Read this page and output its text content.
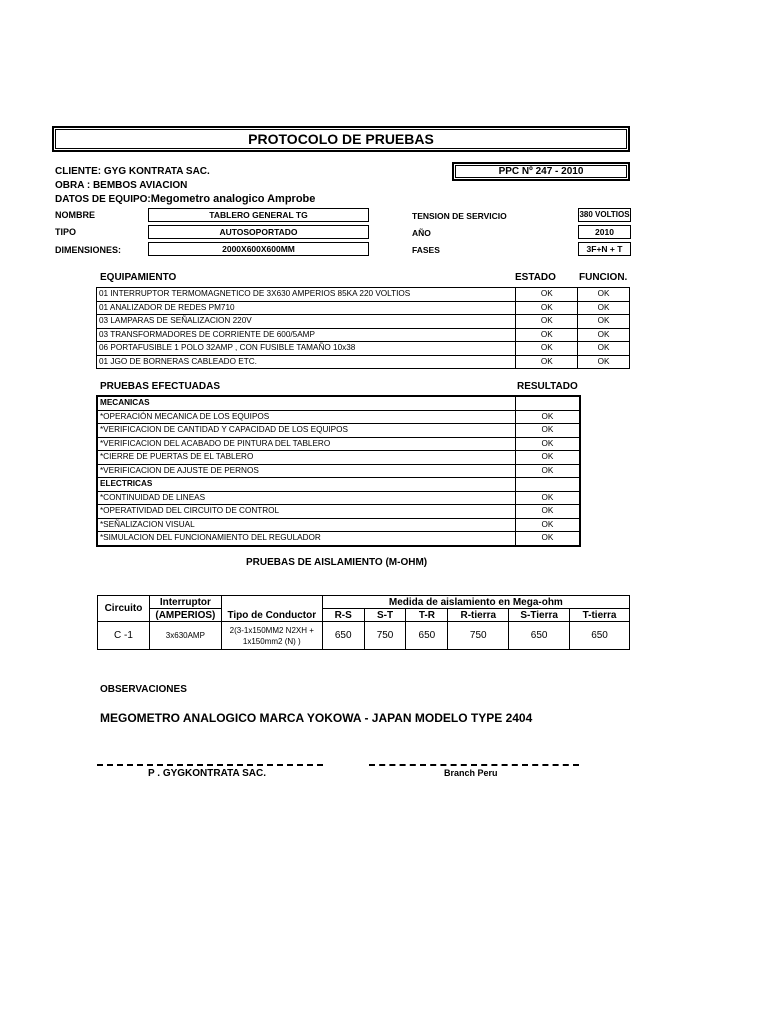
PROTOCOLO DE PRUEBAS
CLIENTE: GYG KONTRATA SAC.	PPC Nº 247 - 2010
OBRA : BEMBOS AVIACION
DATOS DE EQUIPO:Megometro analogico Amprobe
NOMBRE	TABLERO GENERAL TG
TIPO	AUTOSOPORTADO
DIMENSIONES:	2000X600X600MM
TENSION DE SERVICIO	380 VOLTIOS
AÑO	2010
FASES	3F+N + T
EQUIPAMIENTO	ESTADO FUNCION.
01 INTERRUPTOR TERMOMAGNETICO DE 3X630 AMPERIOS 85KA 220 VOLTIOS	OK	OK
01 ANALIZADOR DE REDES PM710	OK	OK
03 LAMPARAS DE SEÑALIZACION 220V	OK	OK
03 TRANSFORMADORES DE CORRIENTE DE 600/5AMP	OK	OK
06 PORTAFUSIBLE 1 POLO 32AMP , CON FUSIBLE TAMAÑO 10x38	OK	OK
01 JGO DE BORNERAS CABLEADO ETC.	OK	OK
PRUEBAS EFECTUADAS	RESULTADO
MECANICAS	
*OPERACIÓN MECANICA DE LOS EQUIPOS	OK
*VERIFICACION DE CANTIDAD Y CAPACIDAD DE LOS EQUIPOS	OK
*VERIFICACION DEL ACABADO DE PINTURA DEL TABLERO	OK
*CIERRE DE PUERTAS DE EL TABLERO	OK
*VERIFICACION DE AJUSTE DE PERNOS	OK
ELECTRICAS	
*CONTINUIDAD DE LINEAS	OK
*OPERATIVIDAD DEL CIRCUITO DE CONTROL	OK
*SEÑALIZACION VISUAL	OK
*SIMULACION DEL FUNCIONAMIENTO DEL REGULADOR	OK
PRUEBAS DE AISLAMIENTO (M-OHM)
Circuito	Interruptor	Tipo de Conductor	Medida de aislamiento en Mega-ohm					
	(AMPERIOS)		R-S	S-T	T-R	R-tierra	S-Tierra	T-tierra
C -1	3x630AMP	2(3-1x150MM2 N2XH +
1x150mm2 (N) )	650	750	650	750	650	650
OBSERVACIONES
MEGOMETRO ANALOGICO MARCA YOKOWA - JAPAN MODELO TYPE 2404
P . GYGKONTRATA SAC.	Branch Peru
